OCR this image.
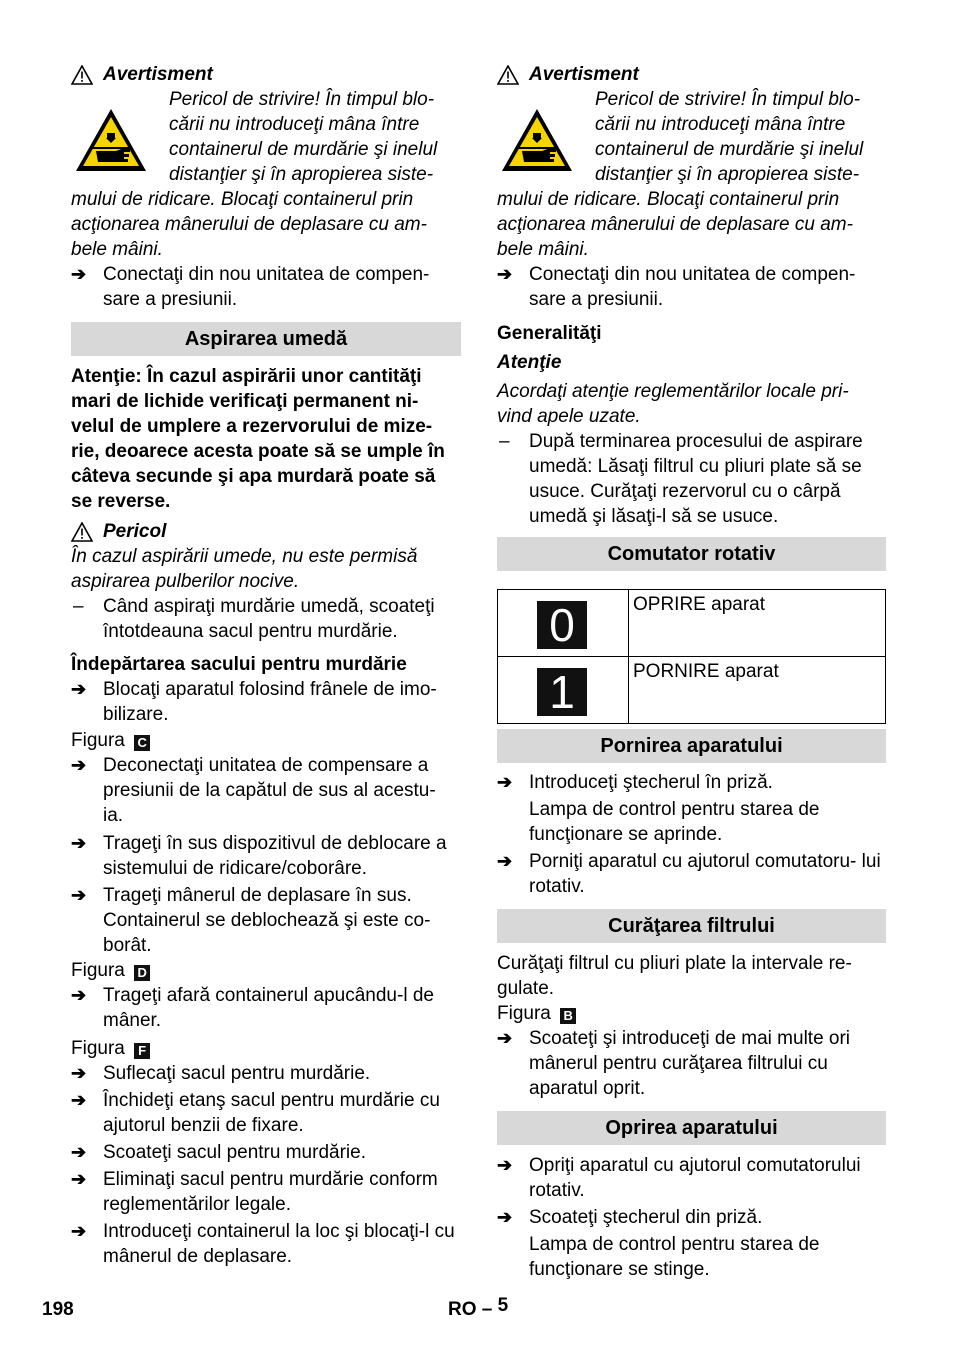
Avertisment
Pericol de strivire! În timpul blo-
cării nu introduceţi mâna între
containerul de murdărie şi inelul
distanţier şi în apropierea siste-
mului de ridicare. Blocaţi containerul prin
acţionarea mânerului de deplasare cu am-
bele mâini.
➔ Conectaţi din nou unitatea de compen- sare a presiunii.
Aspirarea umedă
Atenţie: În cazul aspirării unor cantităţi mari de lichide verificaţi permanent ni- velul de umplere a rezervorului de mize- rie, deoarece acesta poate să se umple în câteva secunde şi apa murdară poate să se reverse.
Pericol
În cazul aspirării umede, nu este permisă aspirarea pulberilor nocive.
–	Când aspiraţi murdărie umedă, scoateţi întotdeauna sacul pentru murdărie.
Îndepărtarea sacului pentru murdărie
➔ Blocaţi aparatul folosind frânele de imo- bilizare.
Figura C
➔ Deconectaţi unitatea de compensare a presiunii de la capătul de sus al acestu- ia.
➔ Trageţi în sus dispozitivul de deblocare a sistemului de ridicare/coborâre.
➔ Trageţi mânerul de deplasare în sus. Containerul se deblochează şi este co- borât.
Figura D
➔ Trageţi afară containerul apucându-l de mâner.
Figura F
➔ Suflecaţi sacul pentru murdărie.
➔ Închideţi etanş sacul pentru murdărie cu ajutorul benzii de fixare.
➔ Scoateţi sacul pentru murdărie.
➔ Eliminaţi sacul pentru murdărie conform reglementărilor legale.
➔ Introduceţi containerul la loc şi blocaţi-l cu mânerul de deplasare.
Avertisment
Pericol de strivire! În timpul blo-
cării nu introduceţi mâna între
containerul de murdărie şi inelul
distanţier şi în apropierea siste-
mului de ridicare. Blocaţi containerul prin
acţionarea mânerului de deplasare cu am-
bele mâini.
➔ Conectaţi din nou unitatea de compen- sare a presiunii.
Generalităţi
Atenţie
Acordaţi atenţie reglementărilor locale pri- vind apele uzate.
–	După terminarea procesului de aspirare umedă: Lăsaţi filtrul cu pliuri plate să se usuce. Curăţaţi rezervorul cu o cârpă umedă şi lăsaţi-l să se usuce.
Comutator rotativ
0	OPRIRE aparat

1	PORNIRE aparat
Pornirea aparatului
➔ Introduceţi ştecherul în priză.
Lampa de control pentru starea de funcţionare se aprinde.
➔ Porniţi aparatul cu ajutorul comutatoru- lui rotativ.
Curăţarea filtrului
Curăţaţi filtrul cu pliuri plate la intervale re- gulate.
Figura B
➔ Scoateţi şi introduceţi de mai multe ori mânerul pentru curăţarea filtrului cu aparatul oprit.
Oprirea aparatului
➔ Opriţi aparatul cu ajutorul comutatorului rotativ.
➔ Scoateţi ştecherul din priză.
Lampa de control pentru starea de funcţionare se stinge.
198	RO – 5
